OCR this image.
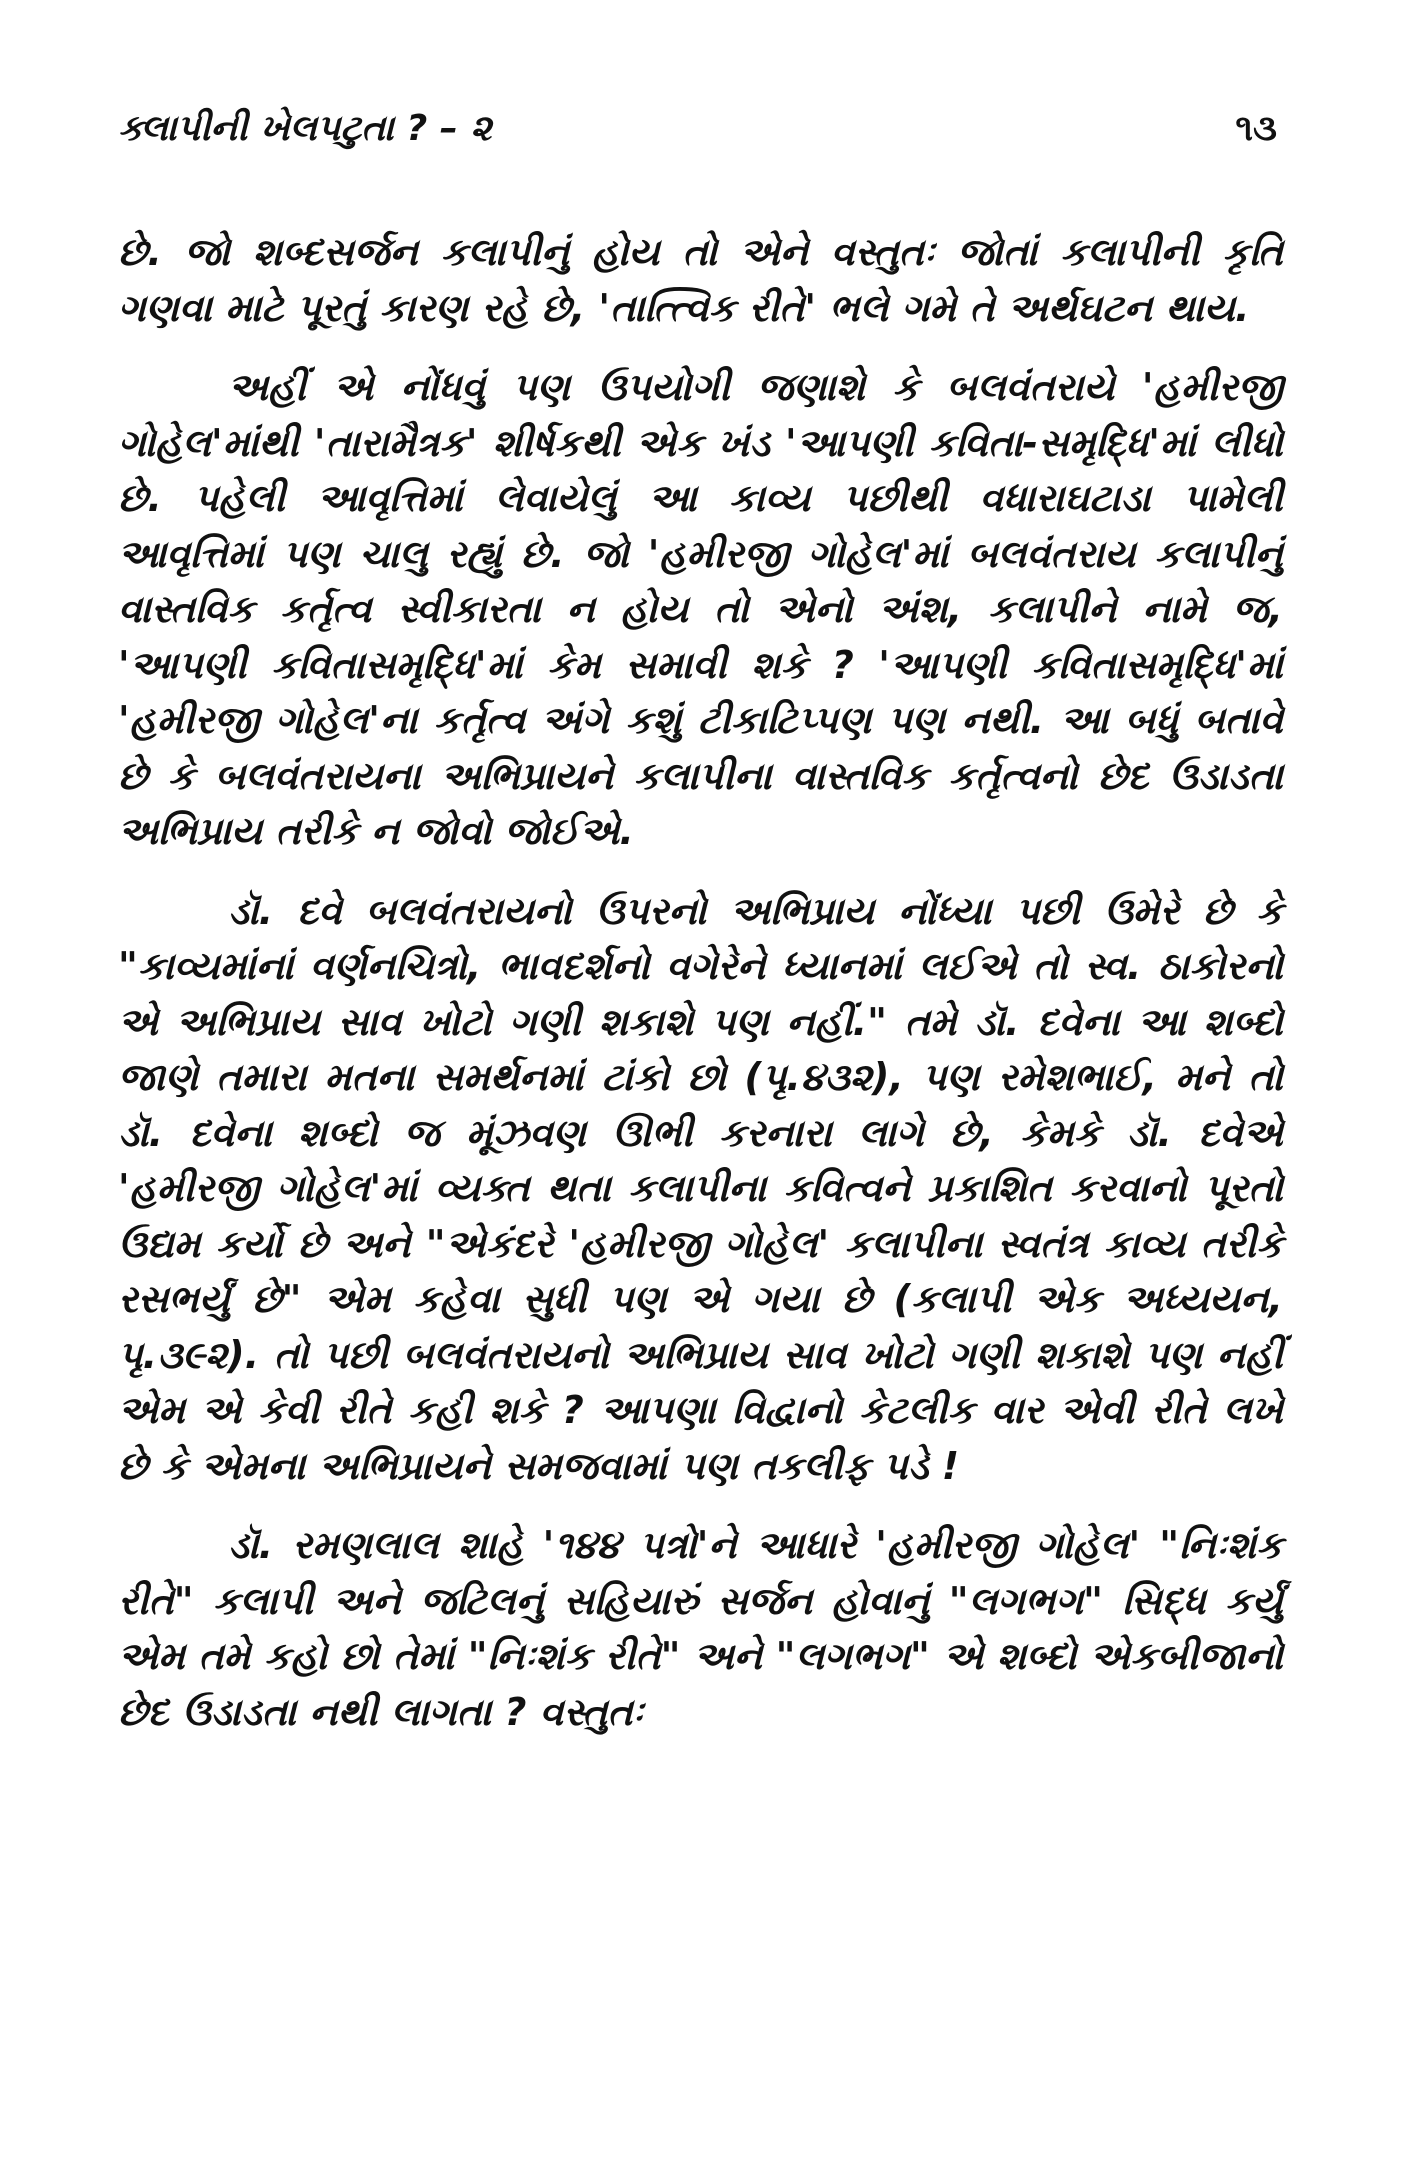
ક્લાપીની ખેલપટુતા ? – ૨	૧૩

છે. જો શબ્દસર્જન કલાપીનું હોય તો એને વસ્તુતઃ જોતાં કલાપીની કૃતિ ગણવા માટે પૂરતું કારણ રહે છે, 'તાત્ત્વિક રીતે' ભલે ગમે તે અર્થઘટન થાય.

અહીં એ નોંધવું પણ ઉપયોગી જણાશે કે બલવંતરાયે 'હમીરજી ગોહેલ'માંથી 'તારામૈત્રક' શીર્ષકથી એક ખંડ 'આપણી કવિતા-સમૃદ્ધિ'માં લીધો છે. પહેલી આવૃત્તિમાં લેવાયેલું આ કાવ્ય પછીથી વધારાઘટાડા પામેલી આવૃત્તિમાં પણ ચાલુ રહ્યું છે. જો 'હમીરજી ગોહેલ'માં બલવંતરાય કલાપીનું વાસ્તવિક કર્તૃત્વ સ્વીકારતા ન હોય તો એનો અંશ, કલાપીને નામે જ, 'આપણી કવિતાસમૃદ્ધિ'માં કેમ સમાવી શકે ? 'આપણી કવિતાસમૃદ્ધિ'માં 'હમીરજી ગોહેલ'ના કર્તૃત્વ અંગે કશું ટીકાટિપ્પણ પણ નથી. આ બધું બતાવે છે કે બલવંતરાયના અભિપ્રાયને કલાપીના વાસ્તવિક કર્તૃત્વનો છેદ ઉડાડતા અભિપ્રાય તરીકે ન જોવો જોઈએ.

ડૉ. દવે બલવંતરાયનો ઉપરનો અભિપ્રાય નોંધ્યા પછી ઉમેરે છે કે "કાવ્યમાંનાં વર્ણનચિત્રો, ભાવદર્શનો વગેરેને ધ્યાનમાં લઈએ તો સ્વ. ઠાકોરનો એ અભિપ્રાય સાવ ખોટો ગણી શકાશે પણ નહીં." તમે ડૉ. દવેના આ શબ્દો જાણે તમારા મતના સમર્થનમાં ટાંકો છો (પૃ.૪૩૨), પણ રમેશભાઈ, મને તો ડૉ. દવેના શબ્દો જ મૂંઝવણ ઊભી કરનારા લાગે છે, કેમકે ડૉ. દવેએ 'હમીરજી ગોહેલ'માં વ્યક્ત થતા કલાપીના કવિત્વને પ્રકાશિત કરવાનો પૂરતો ઉદ્યમ કર્યો છે અને "એકંદરે 'હમીરજી ગોહેલ' કલાપીના સ્વતંત્ર કાવ્ય તરીકે રસભર્યું છે" એમ કહેવા સુધી પણ એ ગયા છે (કલાપી એક અધ્યયન, પૃ.૩૯૨). તો પછી બલવંતરાયનો અભિપ્રાય સાવ ખોટો ગણી શકાશે પણ નહીં એમ એ કેવી રીતે કહી શકે ? આપણા વિદ્વાનો કેટલીક વાર એવી રીતે લખે છે કે એમના અભિપ્રાયને સમજવામાં પણ તકલીફ પડે !

ડૉ. રમણલાલ શાહે '૧૪૪ પત્રો'ને આધારે 'હમીરજી ગોહેલ' "નિઃશંક રીતે" કલાપી અને જટિલનું સહિયારું સર્જન હોવાનું "લગભગ" સિદ્ધ કર્યું એમ તમે કહો છો તેમાં "નિઃશંક રીતે" અને "લગભગ" એ શબ્દો એકબીજાનો છેદ ઉડાડતા નથી લાગતા ? વસ્તુતઃ
